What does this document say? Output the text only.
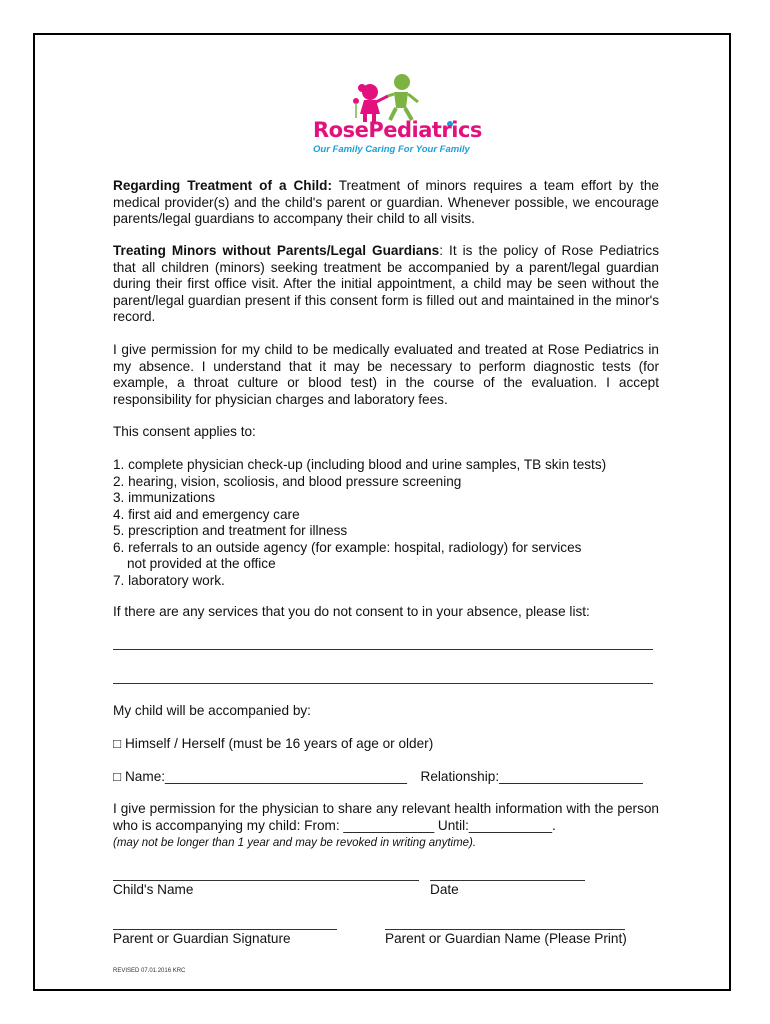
RosePediatrics
Our Family Caring For Your Family

Regarding Treatment of a Child: Treatment of minors requires a team effort by the medical provider(s) and the child's parent or guardian. Whenever possible, we encourage parents/legal guardians to accompany their child to all visits.

Treating Minors without Parents/Legal Guardians: It is the policy of Rose Pediatrics that all children (minors) seeking treatment be accompanied by a parent/legal guardian during their first office visit. After the initial appointment, a child may be seen without the parent/legal guardian present if this consent form is filled out and maintained in the minor's record.

I give permission for my child to be medically evaluated and treated at Rose Pediatrics in my absence. I understand that it may be necessary to perform diagnostic tests (for example, a throat culture or blood test) in the course of the evaluation. I accept responsibility for physician charges and laboratory fees.

This consent applies to:

1. complete physician check-up (including blood and urine samples, TB skin tests)
2. hearing, vision, scoliosis, and blood pressure screening
3. immunizations
4. first aid and emergency care
5. prescription and treatment for illness
6. referrals to an outside agency (for example: hospital, radiology) for services
not provided at the office
7. laboratory work.

If there are any services that you do not consent to in your absence, please list:

My child will be accompanied by:

□ Himself / Herself (must be 16 years of age or older)

□ Name:________________________________ Relationship:___________________

I give permission for the physician to share any relevant health information with the person who is accompanying my child: From: ____________ Until:___________.

(may not be longer than 1 year and may be revoked in writing anytime).

Child's Name	Date
Parent or Guardian Signature	Parent or Guardian Name (Please Print)
REVISED 07.01.2016 KRC
